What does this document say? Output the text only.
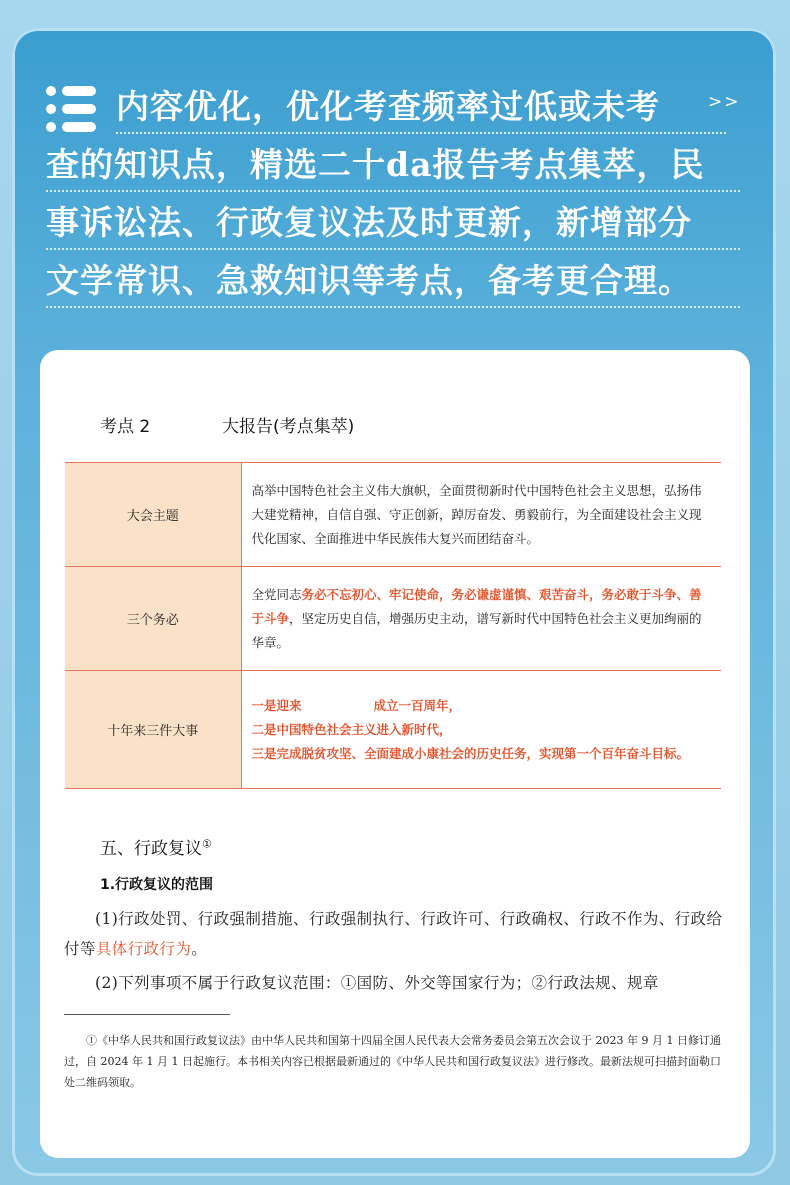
内容优化，优化考查频率过低或未考
查的知识点，精选二十da报告考点集萃，民
事诉讼法、行政复议法及时更新，新增部分
文学常识、急救知识等考点，备考更合理。
>>
考点 2	大报告(考点集萃)
大会主题	高举中国特色社会主义伟大旗帜，全面贯彻新时代中国特色社会主义思想，弘扬伟大建党精神，自信自强、守正创新，踔厉奋发、勇毅前行，为全面建设社会主义现代化国家、全面推进中华民族伟大复兴而团结奋斗。
三个务必	全党同志务必不忘初心、牢记使命，务必谦虚谨慎、艰苦奋斗，务必敢于斗争、善于斗争，坚定历史自信，增强历史主动，谱写新时代中国特色社会主义更加绚丽的华章。
十年来三件大事	一是迎来 成立一百周年，
二是中国特色社会主义进入新时代，
三是完成脱贫攻坚、全面建成小康社会的历史任务，实现第一个百年奋斗目标。
五、行政复议①
1.行政复议的范围
(1)行政处罚、行政强制措施、行政强制执行、行政许可、行政确权、行政不作为、行政给付等具体行政行为。
(2)下列事项不属于行政复议范围：①国防、外交等国家行为；②行政法规、规章
①《中华人民共和国行政复议法》由中华人民共和国第十四届全国人民代表大会常务委员会第五次会议于 2023 年 9 月 1 日修订通过，自 2024 年 1 月 1 日起施行。本书相关内容已根据最新通过的《中华人民共和国行政复议法》进行修改。最新法规可扫描封面勒口处二维码领取。
